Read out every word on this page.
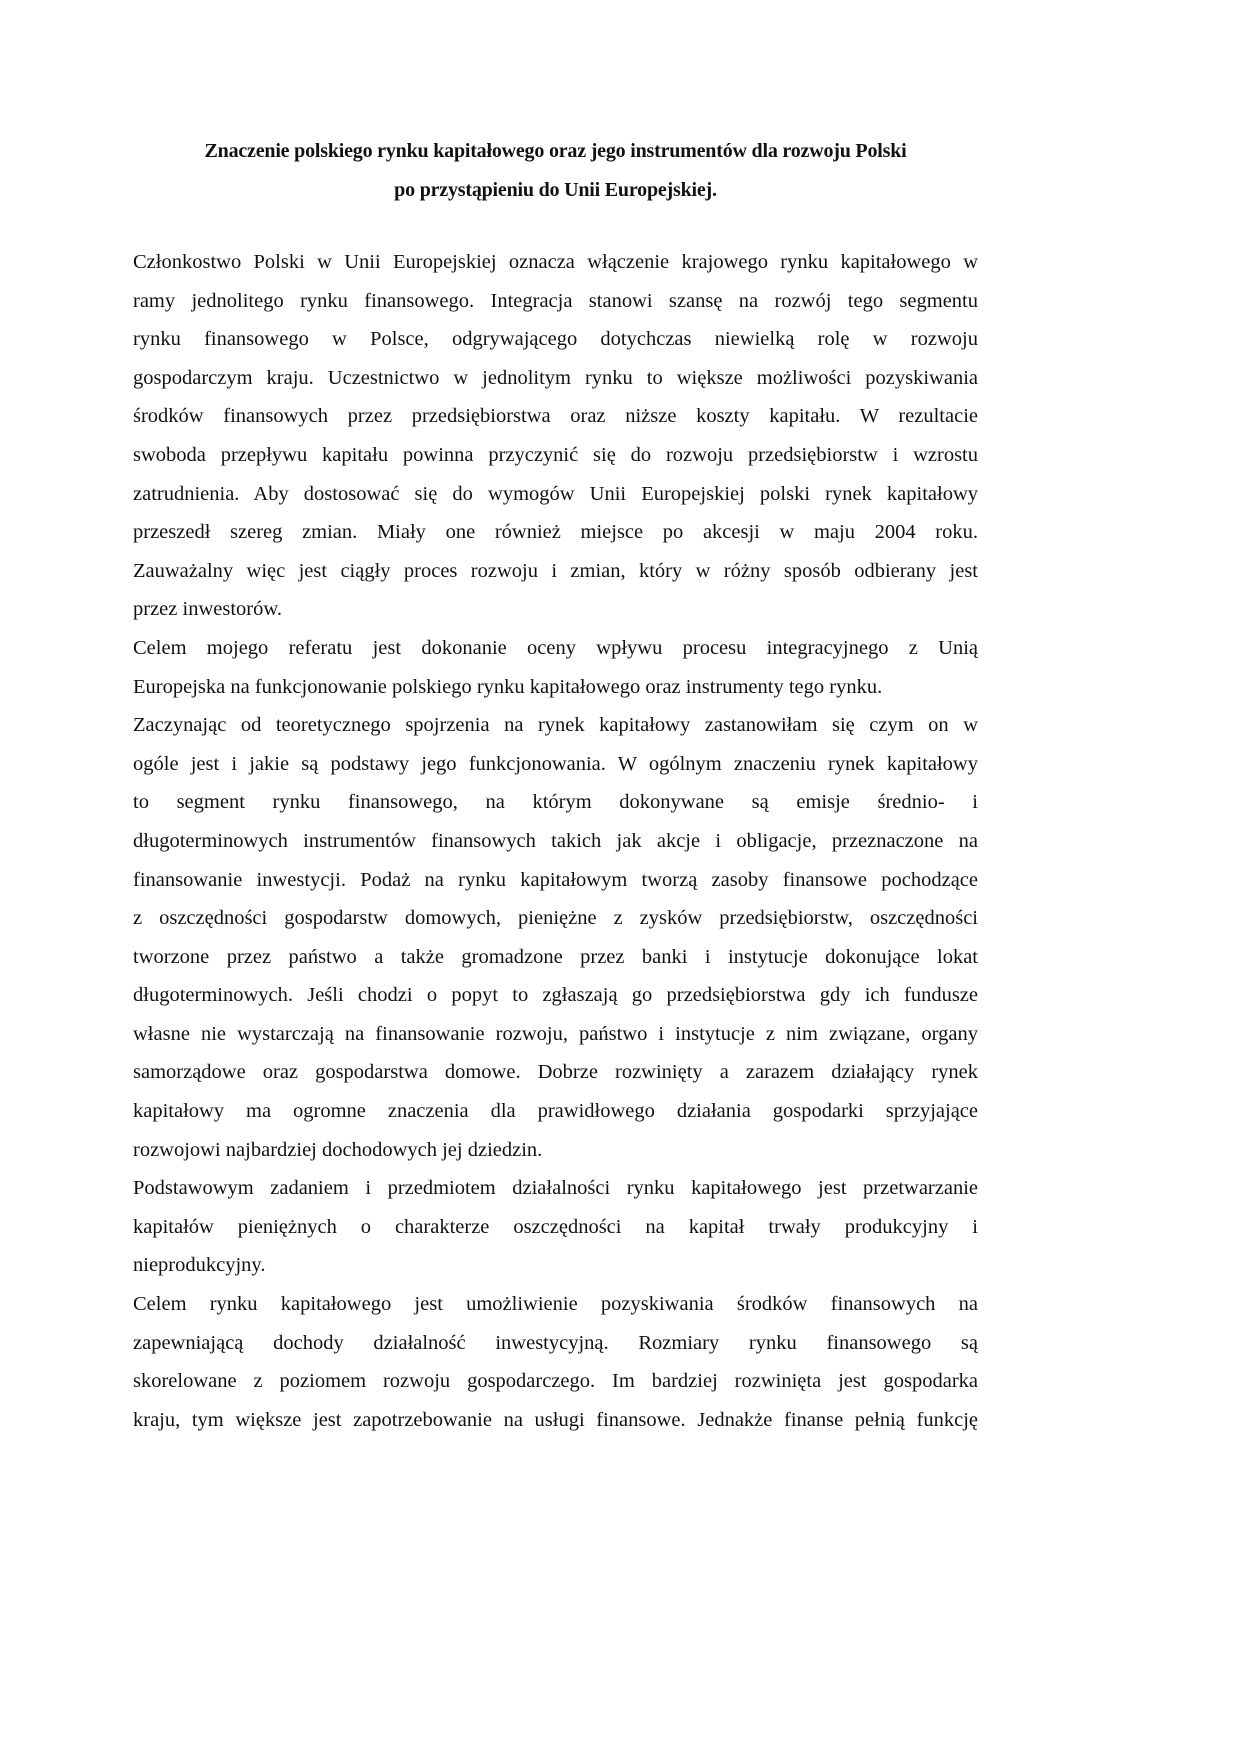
Znaczenie polskiego rynku kapitałowego oraz jego instrumentów dla rozwoju Polski
po przystąpieniu do Unii Europejskiej.
Członkostwo Polski w Unii Europejskiej oznacza włączenie krajowego rynku kapitałowego w
ramy jednolitego rynku finansowego. Integracja stanowi szansę na rozwój tego segmentu
rynku finansowego w Polsce, odgrywającego dotychczas niewielką rolę w rozwoju
gospodarczym kraju. Uczestnictwo w jednolitym rynku to większe możliwości pozyskiwania
środków finansowych przez przedsiębiorstwa oraz niższe koszty kapitału. W rezultacie
swoboda przepływu kapitału powinna przyczynić się do rozwoju przedsiębiorstw i wzrostu
zatrudnienia. Aby dostosować się do wymogów Unii Europejskiej polski rynek kapitałowy
przeszedł szereg zmian. Miały one również miejsce po akcesji w maju 2004 roku.
Zauważalny więc jest ciągły proces rozwoju i zmian, który w różny sposób odbierany jest
przez inwestorów.
Celem mojego referatu jest dokonanie oceny wpływu procesu integracyjnego z Unią
Europejska na funkcjonowanie polskiego rynku kapitałowego oraz instrumenty tego rynku.
Zaczynając od teoretycznego spojrzenia na rynek kapitałowy zastanowiłam się czym on w
ogóle jest i jakie są podstawy jego funkcjonowania. W ogólnym znaczeniu rynek kapitałowy
to segment rynku finansowego, na którym dokonywane są emisje średnio- i
długoterminowych instrumentów finansowych takich jak akcje i obligacje, przeznaczone na
finansowanie inwestycji. Podaż na rynku kapitałowym tworzą zasoby finansowe pochodzące
z oszczędności gospodarstw domowych, pieniężne z zysków przedsiębiorstw, oszczędności
tworzone przez państwo a także gromadzone przez banki i instytucje dokonujące lokat
długoterminowych. Jeśli chodzi o popyt to zgłaszają go przedsiębiorstwa gdy ich fundusze
własne nie wystarczają na finansowanie rozwoju, państwo i instytucje z nim związane, organy
samorządowe oraz gospodarstwa domowe. Dobrze rozwinięty a zarazem działający rynek
kapitałowy ma ogromne znaczenia dla prawidłowego działania gospodarki sprzyjające
rozwojowi najbardziej dochodowych jej dziedzin.
Podstawowym zadaniem i przedmiotem działalności rynku kapitałowego jest przetwarzanie
kapitałów pieniężnych o charakterze oszczędności na kapitał trwały produkcyjny i
nieprodukcyjny.
Celem rynku kapitałowego jest umożliwienie pozyskiwania środków finansowych na
zapewniającą dochody działalność inwestycyjną. Rozmiary rynku finansowego są
skorelowane z poziomem rozwoju gospodarczego. Im bardziej rozwinięta jest gospodarka
kraju, tym większe jest zapotrzebowanie na usługi finansowe. Jednakże finanse pełnią funkcję
